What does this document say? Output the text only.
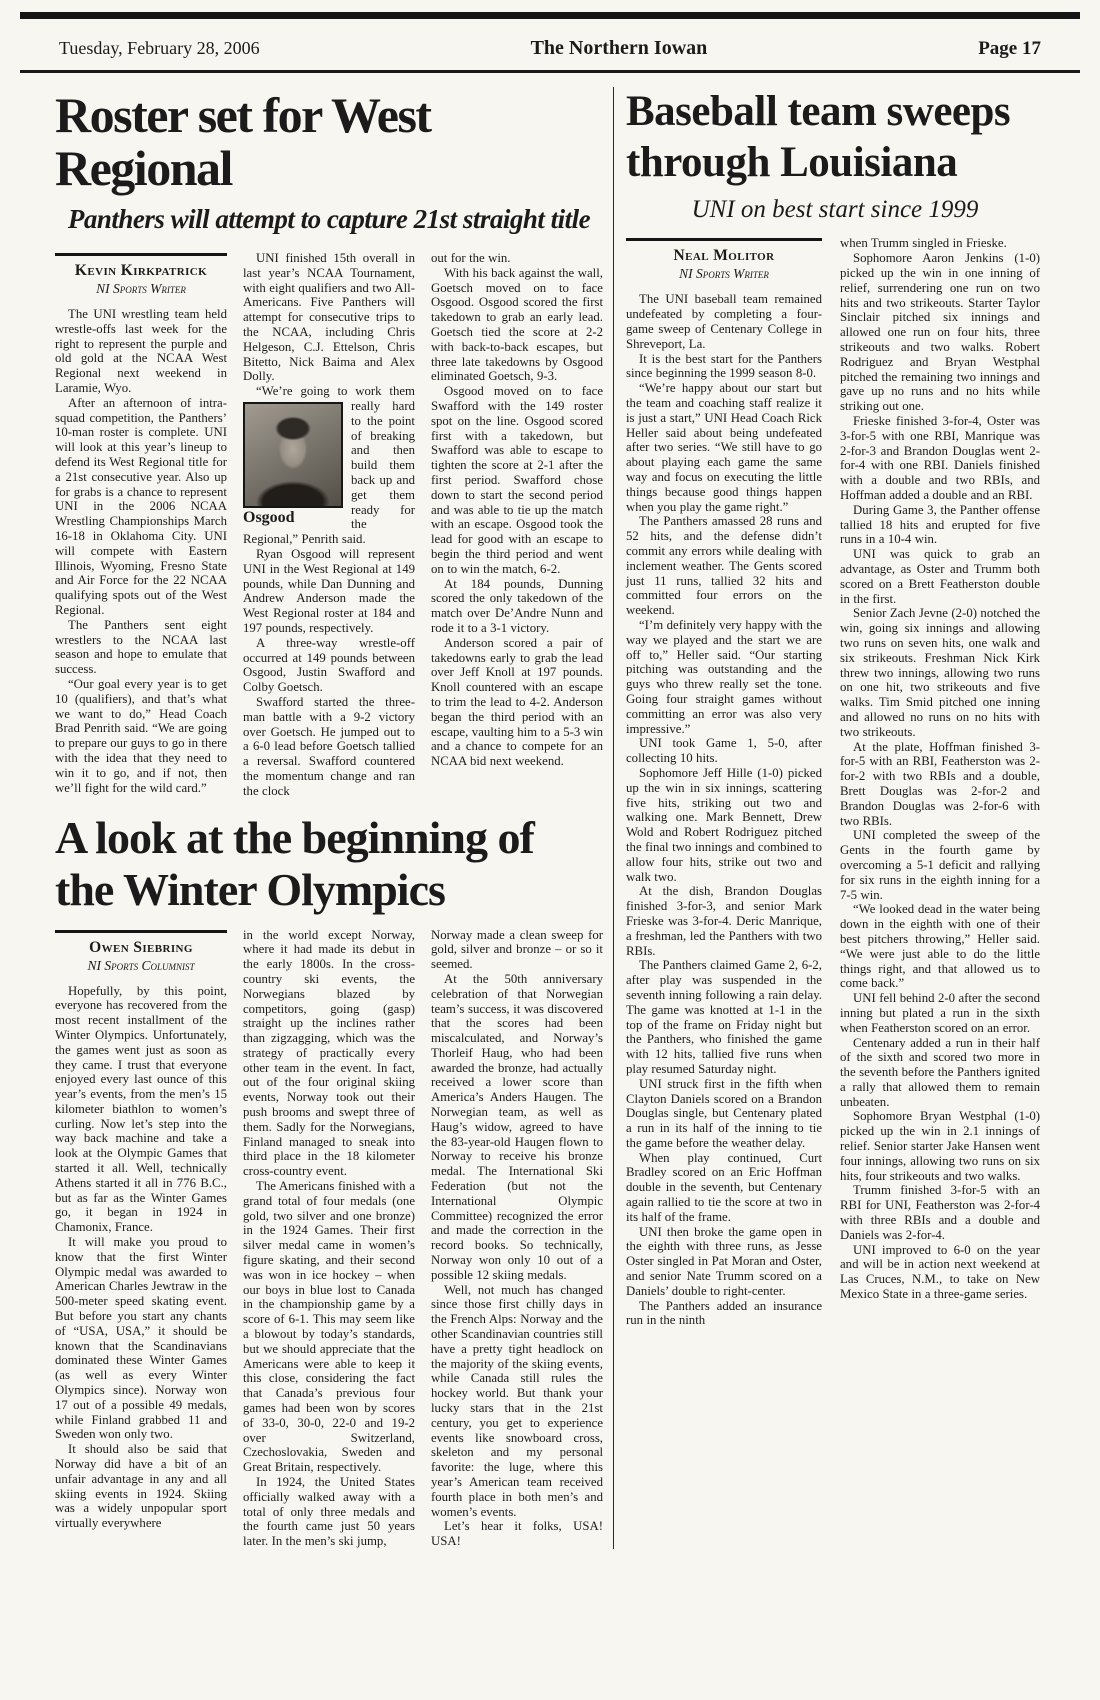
Tuesday, February 28, 2006	The Northern Iowan	Page 17
Roster set for West Regional
Panthers will attempt to capture 21st straight title
Kevin Kirkpatrick
NI Sports Writer

The UNI wrestling team held wrestle-offs last week for the right to represent the purple and old gold at the NCAA West Regional next weekend in Laramie, Wyo.

After an afternoon of intra-squad competition, the Panthers’ 10-man roster is complete. UNI will look at this year’s lineup to defend its West Regional title for a 21st consecutive year. Also up for grabs is a chance to represent UNI in the 2006 NCAA Wrestling Championships March 16-18 in Oklahoma City. UNI will compete with Eastern Illinois, Wyoming, Fresno State and Air Force for the 22 NCAA qualifying spots out of the West Regional.

The Panthers sent eight wrestlers to the NCAA last season and hope to emulate that success.

“Our goal every year is to get 10 (qualifiers), and that’s what we want to do,” Head Coach Brad Penrith said. “We are going to prepare our guys to go in there with the idea that they need to win it to go, and if not, then we’ll fight for the wild card.”

UNI finished 15th overall in last year’s NCAA Tournament, with eight qualifiers and two All-Americans. Five Panthers will attempt for consecutive trips to the NCAA, including Chris Helgeson, C.J. Ettelson, Chris Bitetto, Nick Baima and Alex Dolly.

“We’re going to work
Osgood
them really hard to the point of breaking and then build them back up and get them ready for the Regional,” Penrith said.

Ryan Osgood will represent UNI in the West Regional at 149 pounds, while Dan Dunning and Andrew Anderson made the West Regional roster at 184 and 197 pounds, respectively.

A three-way wrestle-off occurred at 149 pounds between Osgood, Justin Swafford and Colby Goetsch.

Swafford started the three-man battle with a 9-2 victory over Goetsch. He jumped out to a 6-0 lead before Goetsch tallied a reversal. Swafford countered the momentum change and ran the clock

out for the win.

With his back against the wall, Goetsch moved on to face Osgood. Osgood scored the first takedown to grab an early lead. Goetsch tied the score at 2-2 with back-to-back escapes, but three late takedowns by Osgood eliminated Goetsch, 9-3.

Osgood moved on to face Swafford with the 149 roster spot on the line. Osgood scored first with a takedown, but Swafford was able to escape to tighten the score at 2-1 after the first period. Swafford chose down to start the second period and was able to tie up the match with an escape. Osgood took the lead for good with an escape to begin the third period and went on to win the match, 6-2.

At 184 pounds, Dunning scored the only takedown of the match over De’Andre Nunn and rode it to a 3-1 victory.

Anderson scored a pair of takedowns early to grab the lead over Jeff Knoll at 197 pounds. Knoll countered with an escape to trim the lead to 4-2. Anderson began the third period with an escape, vaulting him to a 5-3 win and a chance to compete for an NCAA bid next weekend.

A look at the beginning of
the Winter Olympics
Owen Siebring
NI Sports Columnist

Hopefully, by this point, everyone has recovered from the most recent installment of the Winter Olympics. Unfortunately, the games went just as soon as they came. I trust that everyone enjoyed every last ounce of this year’s events, from the men’s 15 kilometer biathlon to women’s curling. Now let’s step into the way back machine and take a look at the Olympic Games that started it all. Well, technically Athens started it all in 776 B.C., but as far as the Winter Games go, it began in 1924 in Chamonix, France.

It will make you proud to know that the first Winter Olympic medal was awarded to American Charles Jewtraw in the 500-meter speed skating event. But before you start any chants of “USA, USA,” it should be known that the Scandinavians dominated these Winter Games (as well as every Winter Olympics since). Norway won 17 out of a possible 49 medals, while Finland grabbed 11 and Sweden won only two.

It should also be said that Norway did have a bit of an unfair advantage in any and all skiing events in 1924. Skiing was a widely unpopular sport virtually everywhere

in the world except Norway, where it had made its debut in the early 1800s. In the cross-country ski events, the Norwegians blazed by competitors, going (gasp) straight up the inclines rather than zigzagging, which was the strategy of practically every other team in the event. In fact, out of the four original skiing events, Norway took out their push brooms and swept three of them. Sadly for the Norwegians, Finland managed to sneak into third place in the 18 kilometer cross-country event.

The Americans finished with a grand total of four medals (one gold, two silver and one bronze) in the 1924 Games. Their first silver medal came in women’s figure skating, and their second was won in ice hockey – when our boys in blue lost to Canada in the championship game by a score of 6-1. This may seem like a blowout by today’s standards, but we should appreciate that the Americans were able to keep it this close, considering the fact that Canada’s previous four games had been won by scores of 33-0, 30-0, 22-0 and 19-2 over Switzerland, Czechoslovakia, Sweden and Great Britain, respectively.

In 1924, the United States officially walked away with a total of only three medals and the fourth came just 50 years later. In the men’s ski jump,

Norway made a clean sweep for gold, silver and bronze – or so it seemed.

At the 50th anniversary celebration of that Norwegian team’s success, it was discovered that the scores had been miscalculated, and Norway’s Thorleif Haug, who had been awarded the bronze, had actually received a lower score than America’s Anders Haugen. The Norwegian team, as well as Haug’s widow, agreed to have the 83-year-old Haugen flown to Norway to receive his bronze medal. The International Ski Federation (but not the International Olympic Committee) recognized the error and made the correction in the record books. So technically, Norway won only 10 out of a possible 12 skiing medals.

Well, not much has changed since those first chilly days in the French Alps: Norway and the other Scandinavian countries still have a pretty tight headlock on the majority of the skiing events, while Canada still rules the hockey world. But thank your lucky stars that in the 21st century, you get to experience events like snowboard cross, skeleton and my personal favorite: the luge, where this year’s American team received fourth place in both men’s and women’s events.

Let’s hear it folks, USA! USA!

Baseball team sweeps
through Louisiana
UNI on best start since 1999
Neal Molitor
NI Sports Writer

The UNI baseball team remained undefeated by completing a four-game sweep of Centenary College in Shreveport, La.

It is the best start for the Panthers since beginning the 1999 season 8-0.

“We’re happy about our start but the team and coaching staff realize it is just a start,” UNI Head Coach Rick Heller said about being undefeated after two series. “We still have to go about playing each game the same way and focus on executing the little things because good things happen when you play the game right.”

The Panthers amassed 28 runs and 52 hits, and the defense didn’t commit any errors while dealing with inclement weather. The Gents scored just 11 runs, tallied 32 hits and committed four errors on the weekend.

“I’m definitely very happy with the way we played and the start we are off to,” Heller said. “Our starting pitching was outstanding and the guys who threw really set the tone. Going four straight games without committing an error was also very impressive.”

UNI took Game 1, 5-0, after collecting 10 hits.

Sophomore Jeff Hille (1-0) picked up the win in six innings, scattering five hits, striking out two and walking one. Mark Bennett, Drew Wold and Robert Rodriguez pitched the final two innings and combined to allow four hits, strike out two and walk two.

At the dish, Brandon Douglas finished 3-for-3, and senior Mark Frieske was 3-for-4. Deric Manrique, a freshman, led the Panthers with two RBIs.

The Panthers claimed Game 2, 6-2, after play was suspended in the seventh inning following a rain delay. The game was knotted at 1-1 in the top of the frame on Friday night but the Panthers, who finished the game with 12 hits, tallied five runs when play resumed Saturday night.

UNI struck first in the fifth when Clayton Daniels scored on a Brandon Douglas single, but Centenary plated a run in its half of the inning to tie the game before the weather delay.

When play continued, Curt Bradley scored on an Eric Hoffman double in the seventh, but Centenary again rallied to tie the score at two in its half of the frame.

UNI then broke the game open in the eighth with three runs, as Jesse Oster singled in Pat Moran and Oster, and senior Nate Trumm scored on a Daniels’ double to right-center.

The Panthers added an insurance run in the ninth

when Trumm singled in Frieske.

Sophomore Aaron Jenkins (1-0) picked up the win in one inning of relief, surrendering one run on two hits and two strikeouts. Starter Taylor Sinclair pitched six innings and allowed one run on four hits, three strikeouts and two walks. Robert Rodriguez and Bryan Westphal pitched the remaining two innings and gave up no runs and no hits while striking out one.

Frieske finished 3-for-4, Oster was 3-for-5 with one RBI, Manrique was 2-for-3 and Brandon Douglas went 2-for-4 with one RBI. Daniels finished with a double and two RBIs, and Hoffman added a double and an RBI.

During Game 3, the Panther offense tallied 18 hits and erupted for five runs in a 10-4 win.

UNI was quick to grab an advantage, as Oster and Trumm both scored on a Brett Featherston double in the first.

Senior Zach Jevne (2-0) notched the win, going six innings and allowing two runs on seven hits, one walk and six strikeouts. Freshman Nick Kirk threw two innings, allowing two runs on one hit, two strikeouts and five walks. Tim Smid pitched one inning and allowed no runs on no hits with two strikeouts.

At the plate, Hoffman finished 3-for-5 with an RBI, Featherston was 2-for-2 with two RBIs and a double, Brett Douglas was 2-for-2 and Brandon Douglas was 2-for-6 with two RBIs.

UNI completed the sweep of the Gents in the fourth game by overcoming a 5-1 deficit and rallying for six runs in the eighth inning for a 7-5 win.

“We looked dead in the water being down in the eighth with one of their best pitchers throwing,” Heller said. “We were just able to do the little things right, and that allowed us to come back.”

UNI fell behind 2-0 after the second inning but plated a run in the sixth when Featherston scored on an error.

Centenary added a run in their half of the sixth and scored two more in the seventh before the Panthers ignited a rally that allowed them to remain unbeaten.

Sophomore Bryan Westphal (1-0) picked up the win in 2.1 innings of relief. Senior starter Jake Hansen went four innings, allowing two runs on six hits, four strikeouts and two walks.

Trumm finished 3-for-5 with an RBI for UNI, Featherston was 2-for-4 with three RBIs and a double and Daniels was 2-for-4.

UNI improved to 6-0 on the year and will be in action next weekend at Las Cruces, N.M., to take on New Mexico State in a three-game series.
